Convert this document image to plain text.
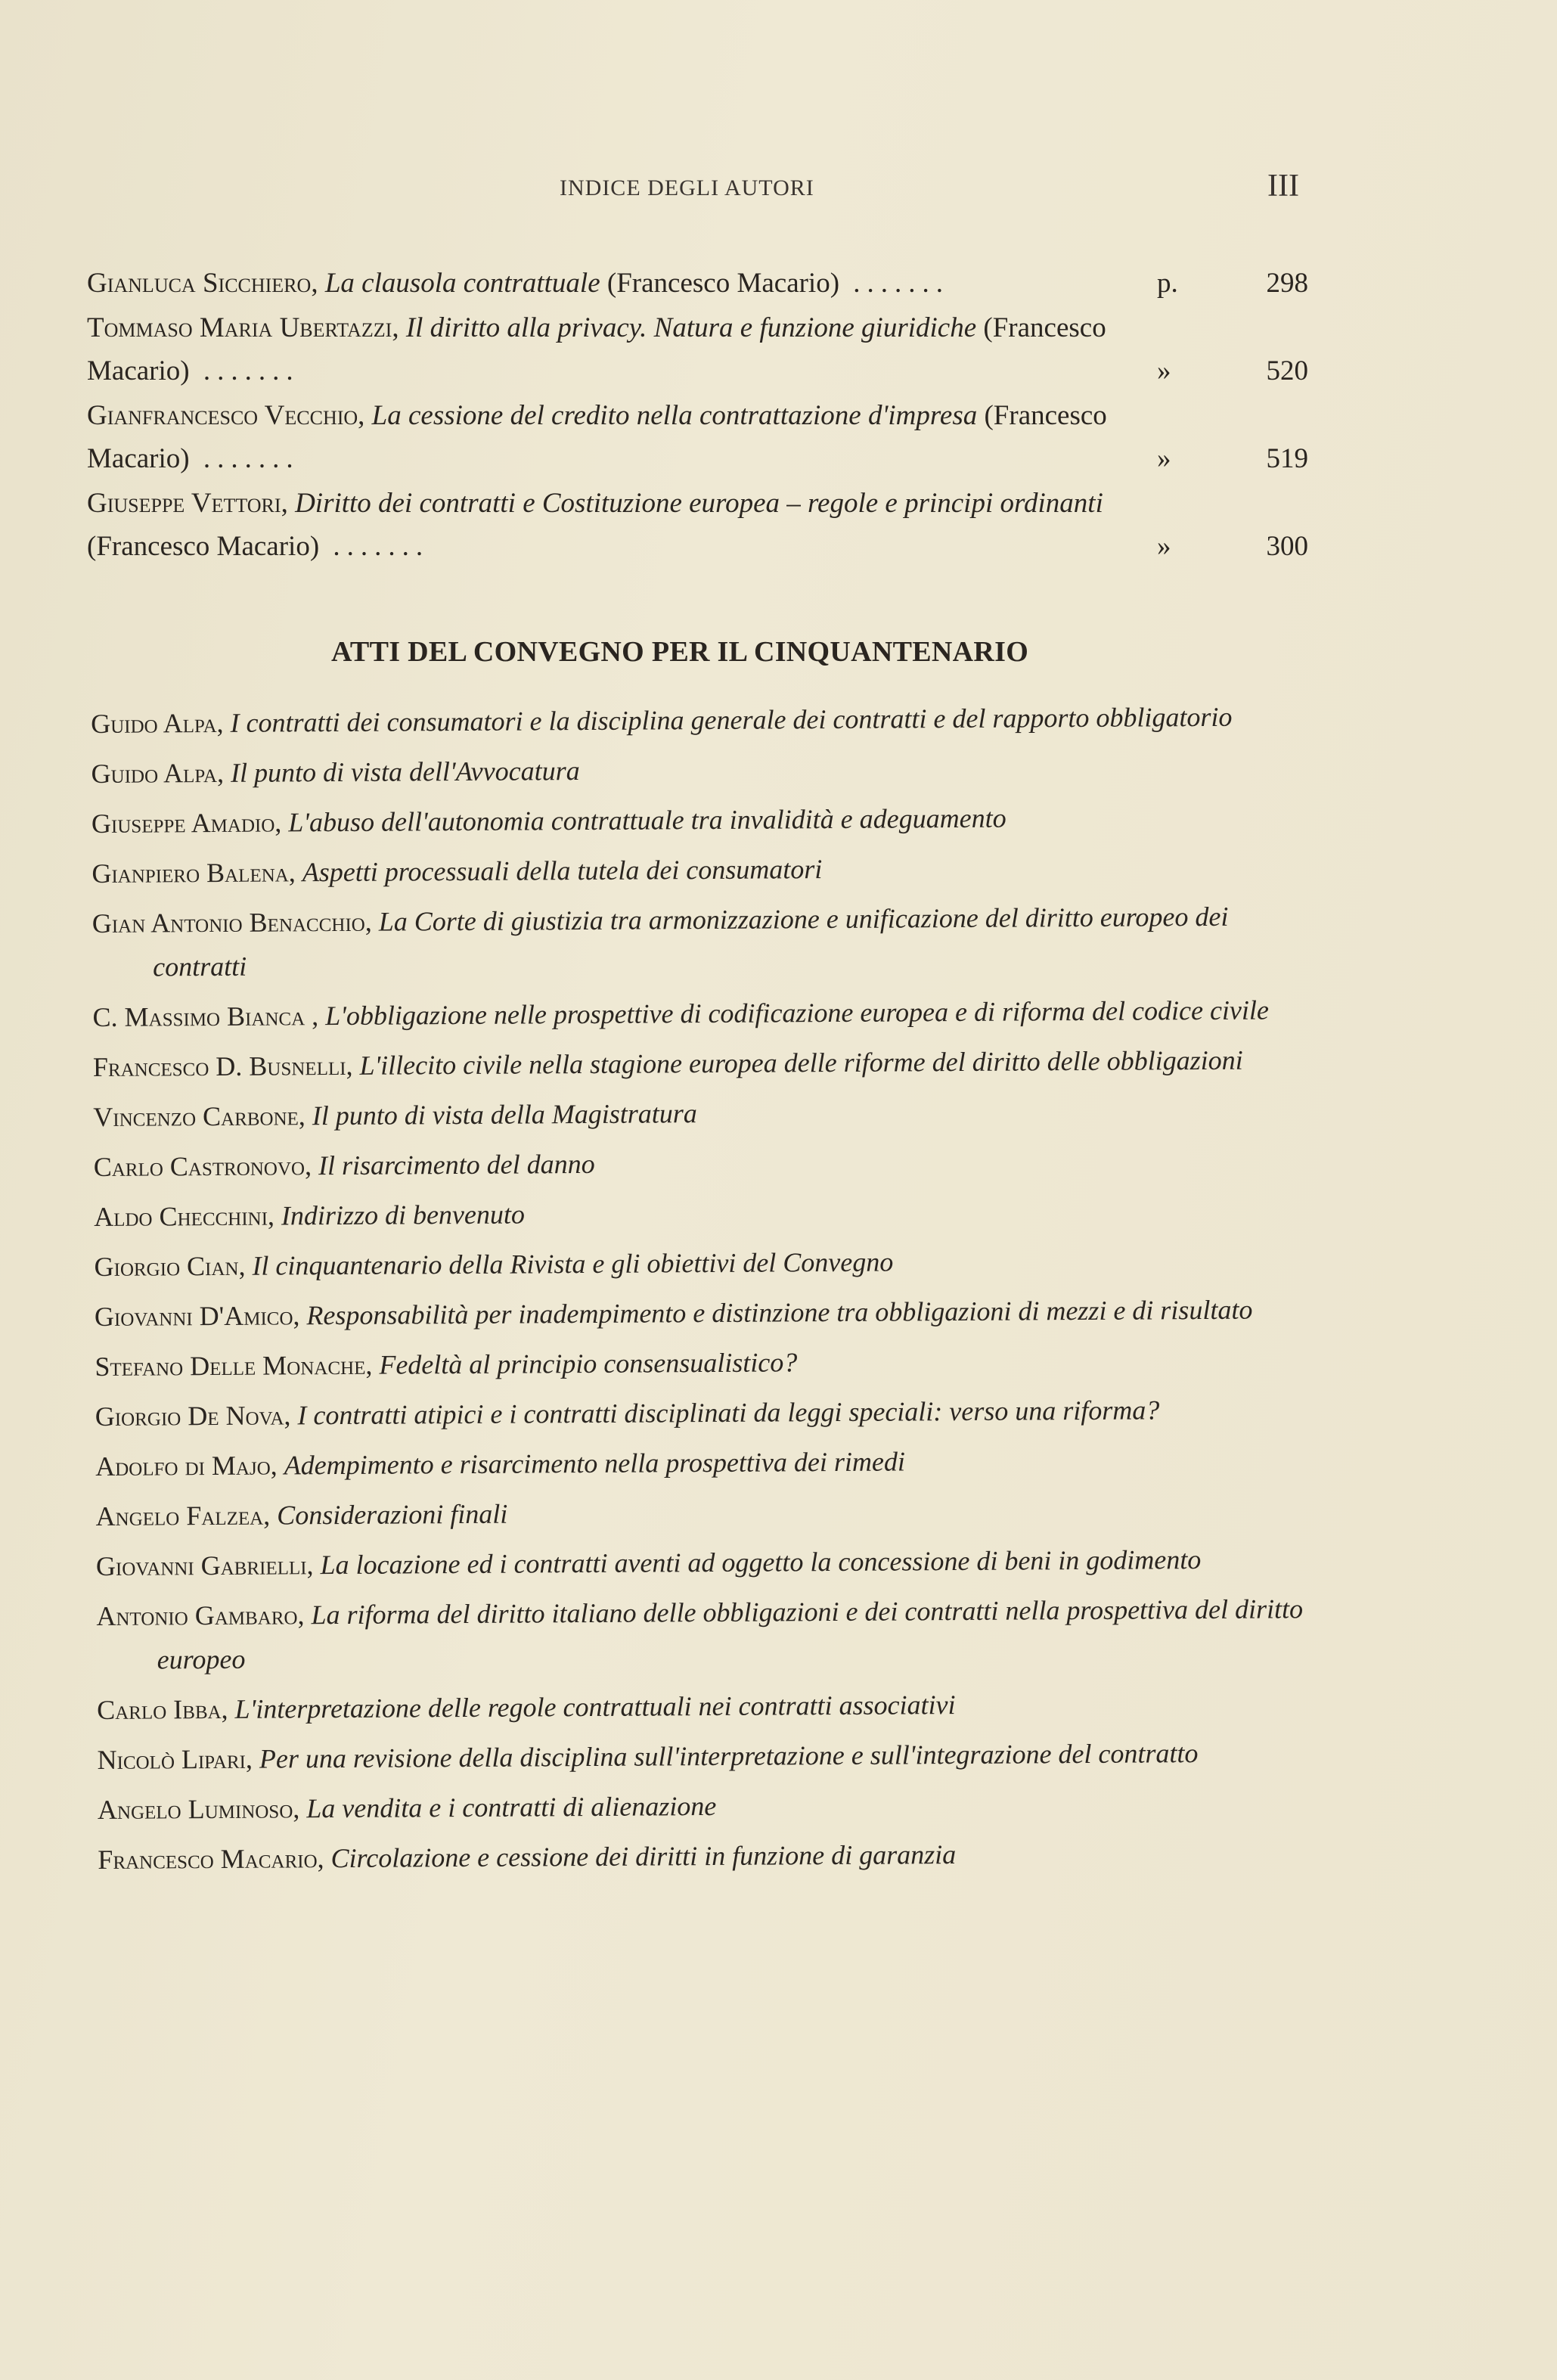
INDICE DEGLI AUTORI	III
Gianluca Sicchiero, La clausola contrattuale (Francesco Macario) .......	p.	298
Tommaso Maria Ubertazzi, Il diritto alla privacy. Natura e funzione giuridiche (Francesco Macario) .......	»	520
Gianfrancesco Vecchio, La cessione del credito nella contrattazione d'impresa (Francesco Macario) .......	»	519
Giuseppe Vettori, Diritto dei contratti e Costituzione europea – regole e principi ordinanti (Francesco Macario) .......	»	300
ATTI DEL CONVEGNO PER IL CINQUANTENARIO
Guido Alpa, I contratti dei consumatori e la disciplina generale dei contratti e del rapporto obbligatorio
Guido Alpa, Il punto di vista dell'Avvocatura
Giuseppe Amadio, L'abuso dell'autonomia contrattuale tra invalidità e adeguamento
Gianpiero Balena, Aspetti processuali della tutela dei consumatori
Gian Antonio Benacchio, La Corte di giustizia tra armonizzazione e unificazione del diritto europeo dei contratti
C. Massimo Bianca , L'obbligazione nelle prospettive di codificazione europea e di riforma del codice civile
Francesco D. Busnelli, L'illecito civile nella stagione europea delle riforme del diritto delle obbligazioni
Vincenzo Carbone, Il punto di vista della Magistratura
Carlo Castronovo, Il risarcimento del danno
Aldo Checchini, Indirizzo di benvenuto
Giorgio Cian, Il cinquantenario della Rivista e gli obiettivi del Convegno
Giovanni D'Amico, Responsabilità per inadempimento e distinzione tra obbligazioni di mezzi e di risultato
Stefano Delle Monache, Fedeltà al principio consensualistico?
Giorgio De Nova, I contratti atipici e i contratti disciplinati da leggi speciali: verso una riforma?
Adolfo di Majo, Adempimento e risarcimento nella prospettiva dei rimedi
Angelo Falzea, Considerazioni finali
Giovanni Gabrielli, La locazione ed i contratti aventi ad oggetto la concessione di beni in godimento
Antonio Gambaro, La riforma del diritto italiano delle obbligazioni e dei contratti nella prospettiva del diritto europeo
Carlo Ibba, L'interpretazione delle regole contrattuali nei contratti associativi
Nicolò Lipari, Per una revisione della disciplina sull'interpretazione e sull'integrazione del contratto
Angelo Luminoso, La vendita e i contratti di alienazione
Francesco Macario, Circolazione e cessione dei diritti in funzione di garanzia
